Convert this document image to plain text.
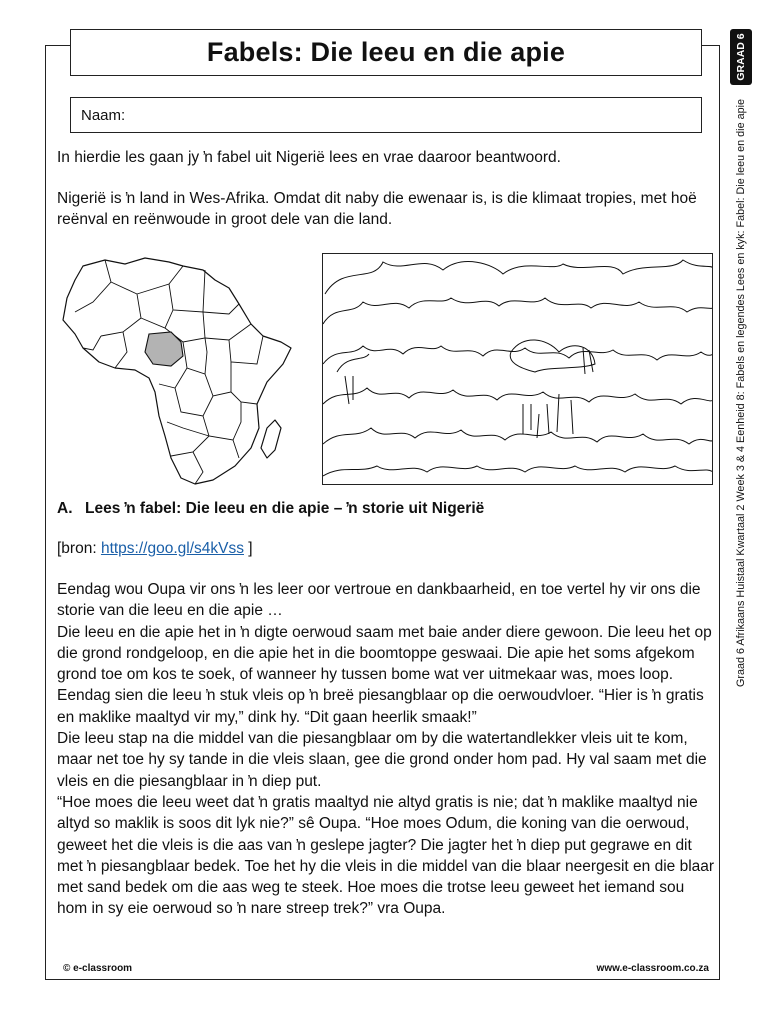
Fabels: Die leeu en die apie
Naam:

In hierdie les gaan jy ŉ fabel uit Nigerië lees en vrae daaroor beantwoord.

Nigerië is ŉ land in Wes-Afrika. Omdat dit naby die ewenaar is, is die klimaat tropies, met hoë reënval en reënwoude in groot dele van die land.

A. Lees ŉ fabel: Die leeu en die apie – ŉ storie uit Nigerië
[bron: https://goo.gl/s4kVss ]
Eendag wou Oupa vir ons ŉ les leer oor vertroue en dankbaarheid, en toe vertel hy vir ons die storie van die leeu en die apie …
Die leeu en die apie het in ŉ digte oerwoud saam met baie ander diere gewoon. Die leeu het op die grond rondgeloop, en die apie het in die boomtoppe geswaai. Die apie het soms afgekom grond toe om kos te soek, of wanneer hy tussen bome wat ver uitmekaar was, moes loop.
Eendag sien die leeu ŉ stuk vleis op ŉ breë piesangblaar op die oerwoudvloer. “Hier is ŉ gratis en maklike maaltyd vir my,” dink hy. “Dit gaan heerlik smaak!”
Die leeu stap na die middel van die piesangblaar om by die watertandlekker vleis uit te kom, maar net toe hy sy tande in die vleis slaan, gee die grond onder hom pad. Hy val saam met die vleis en die piesangblaar in ŉ diep put.
“Hoe moes die leeu weet dat ŉ gratis maaltyd nie altyd gratis is nie; dat ŉ maklike maaltyd nie altyd so maklik is soos dit lyk nie?” sê Oupa. “Hoe moes Odum, die koning van die oerwoud, geweet het die vleis is die aas van ŉ geslepe jagter? Die jagter het ŉ diep put gegrawe en dit met ŉ piesangblaar bedek. Toe het hy die vleis in die middel van die blaar neergesit en die blaar met sand bedek om die aas weg te steek. Hoe moes die trotse leeu geweet het iemand sou hom in sy eie oerwoud so ŉ nare streep trek?” vra Oupa.
© e-classroom	www.e-classroom.co.za
GRAAD 6
Graad 6 Afrikaans Huistaal Kwartaal 2 Week 3 & 4 Eenheid 8: Fabels en legendes Lees en kyk: Fabel: Die leeu en die apie
